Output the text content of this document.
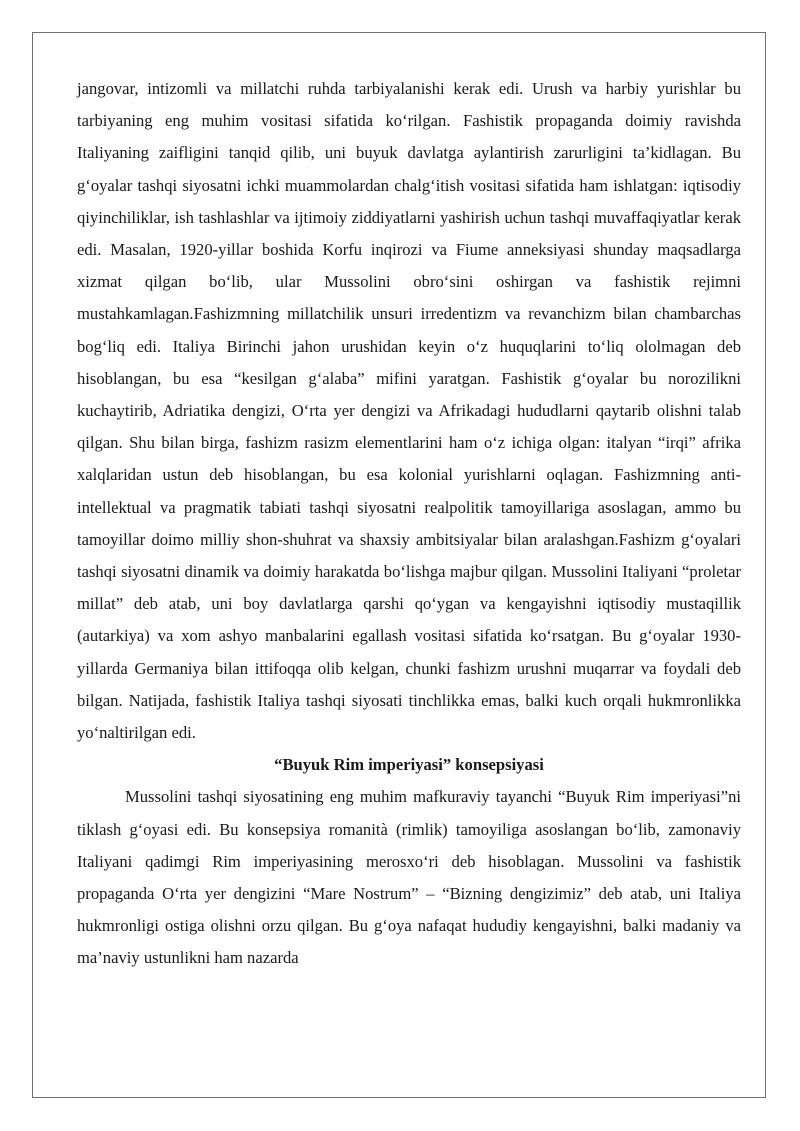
jangovar, intizomli va millatchi ruhda tarbiyalanishi kerak edi. Urush va harbiy yurishlar bu tarbiyaning eng muhim vositasi sifatida ko‘rilgan. Fashistik propaganda doimiy ravishda Italiyaning zaifligini tanqid qilib, uni buyuk davlatga aylantirish zarurligini ta’kidlagan. Bu g‘oyalar tashqi siyosatni ichki muammolardan chalg‘itish vositasi sifatida ham ishlatgan: iqtisodiy qiyinchiliklar, ish tashlashlar va ijtimoiy ziddiyatlarni yashirish uchun tashqi muvaffaqiyatlar kerak edi. Masalan, 1920-yillar boshida Korfu inqirozi va Fiume anneksiyasi shunday maqsadlarga xizmat qilgan bo‘lib, ular Mussolini obro‘sini oshirgan va fashistik rejimni mustahkamlagan.Fashizmning millatchilik unsuri irredentizm va revanchizm bilan chambarchas bog‘liq edi. Italiya Birinchi jahon urushidan keyin o‘z huquqlarini to‘liq ololmagan deb hisoblangan, bu esa “kesilgan g‘alaba” mifini yaratgan. Fashistik g‘oyalar bu norozilikni kuchaytirib, Adriatika dengizi, O‘rta yer dengizi va Afrikadagi hududlarni qaytarib olishni talab qilgan. Shu bilan birga, fashizm rasizm elementlarini ham o‘z ichiga olgan: italyan “irqi” afrika xalqlaridan ustun deb hisoblangan, bu esa kolonial yurishlarni oqlagan. Fashizmning anti-intellektual va pragmatik tabiati tashqi siyosatni realpolitik tamoyillariga asoslagan, ammo bu tamoyillar doimo milliy shon-shuhrat va shaxsiy ambitsiyalar bilan aralashgan.Fashizm g‘oyalari tashqi siyosatni dinamik va doimiy harakatda bo‘lishga majbur qilgan. Mussolini Italiyani “proletar millat” deb atab, uni boy davlatlarga qarshi qo‘ygan va kengayishni iqtisodiy mustaqillik (autarkiya) va xom ashyo manbalarini egallash vositasi sifatida ko‘rsatgan. Bu g‘oyalar 1930-yillarda Germaniya bilan ittifoqqa olib kelgan, chunki fashizm urushni muqarrar va foydali deb bilgan. Natijada, fashistik Italiya tashqi siyosati tinchlikka emas, balki kuch orqali hukmronlikka yo‘naltirilgan edi.

“Buyuk Rim imperiyasi” konsepsiyasi

Mussolini tashqi siyosatining eng muhim mafkuraviy tayanchi “Buyuk Rim imperiyasi”ni tiklash g‘oyasi edi. Bu konsepsiya romanità (rimlik) tamoyiliga asoslangan bo‘lib, zamonaviy Italiyani qadimgi Rim imperiyasining merosxo‘ri deb hisoblagan. Mussolini va fashistik propaganda O‘rta yer dengizini “Mare Nostrum” – “Bizning dengizimiz” deb atab, uni Italiya hukmronligi ostiga olishni orzu qilgan. Bu g‘oya nafaqat hududiy kengayishni, balki madaniy va ma’naviy ustunlikni ham nazarda
